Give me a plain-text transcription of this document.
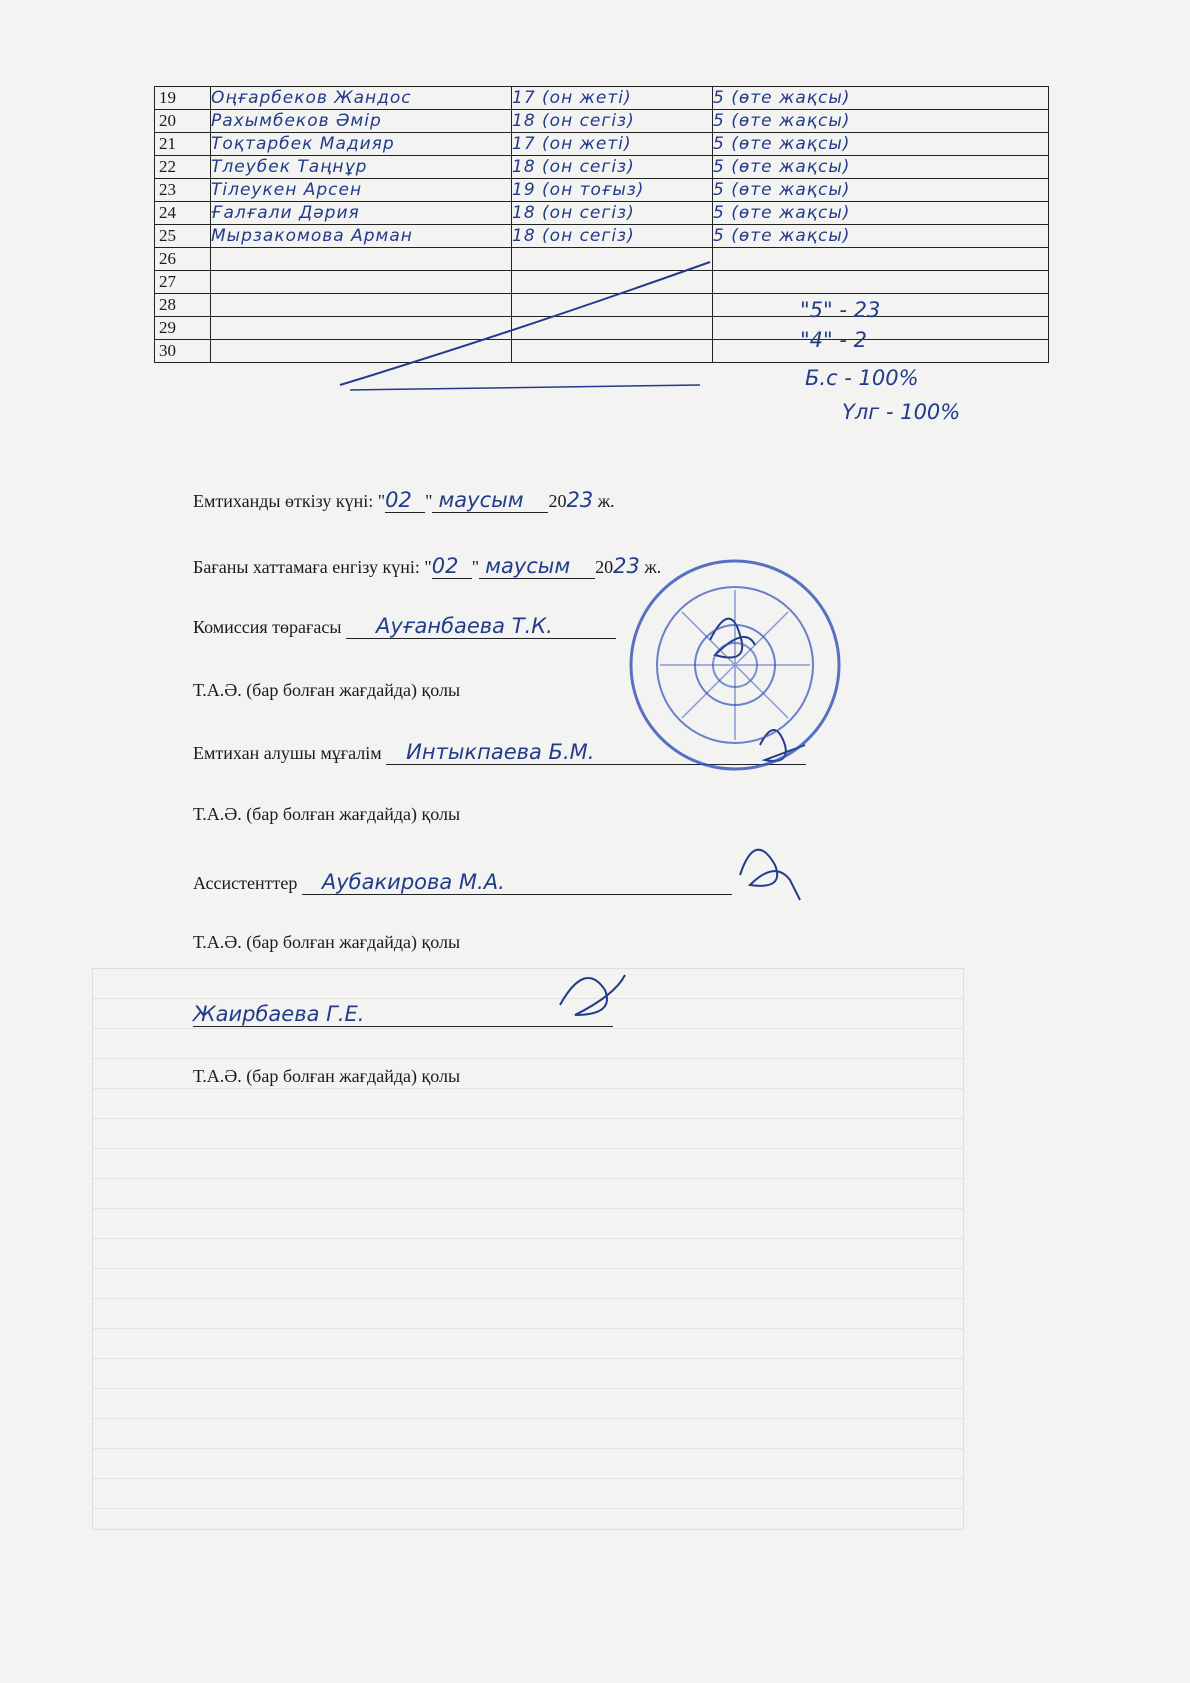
19	Оңғарбеков Жандос	17 (он жеті)	5 (өте жақсы)
20	Рахымбеков Әмір	18 (он сегіз)	5 (өте жақсы)
21	Тоқтарбек Мадияр	17 (он жеті)	5 (өте жақсы)
22	Тлеубек Таңнұр	18 (он сегіз)	5 (өте жақсы)
23	Тілеукен Арсен	19 (он тоғыз)	5 (өте жақсы)
24	Ғалғали Дәрия	18 (он сегіз)	5 (өте жақсы)
25	Мырзакомова Арман	18 (он сегіз)	5 (өте жақсы)
26			
27			
28			
29			
30			
"5" - 23
"4" - 2
Б.с - 100%
Үлг - 100%
Емтиханды өткізу күні: "02 " маусым 2023 ж.
Бағаны хаттамаға енгізу күні: "02 " маусым 2023 ж.
Комиссия төрағасы Ауғанбаева Т.К.
Т.А.Ә. (бар болған жағдайда) қолы
Емтихан алушы мұғалім Интыкпаева Б.М.
Т.А.Ә. (бар болған жағдайда) қолы
Ассистенттер Аубакирова М.А.
Т.А.Ә. (бар болған жағдайда) қолы
Жаирбаева Г.Е.
Т.А.Ә. (бар болған жағдайда) қолы
